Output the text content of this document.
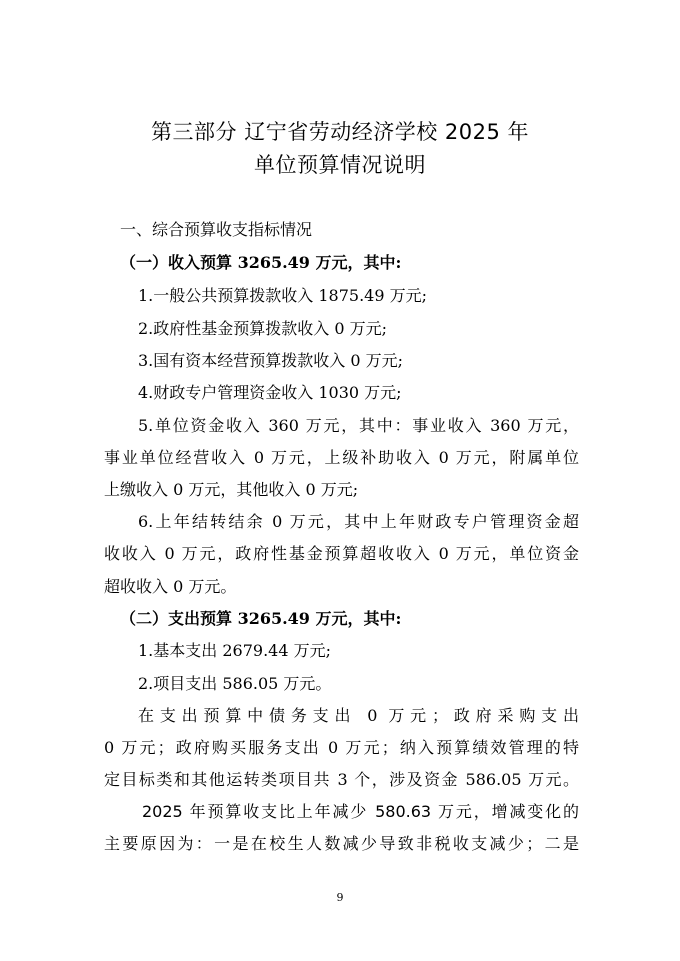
第三部分 辽宁省劳动经济学校 2025 年
单位预算情况说明
一、综合预算收支指标情况
（一）收入预算 3265.49 万元，其中:
1.一般公共预算拨款收入 1875.49 万元;
2.政府性基金预算拨款收入 0 万元;
3.国有资本经营预算拨款收入 0 万元;
4.财政专户管理资金收入 1030 万元;
5.单位资金收入 360 万元，其中：事业收入 360 万元，
事业单位经营收入 0 万元，上级补助收入 0 万元，附属单位
上缴收入 0 万元，其他收入 0 万元;
6.上年结转结余 0 万元，其中上年财政专户管理资金超
收收入 0 万元，政府性基金预算超收收入 0 万元，单位资金
超收收入 0 万元。
（二）支出预算 3265.49 万元，其中:
1.基本支出 2679.44 万元;
2.项目支出 586.05 万元。
在支出预算中债务支出 0 万元；政府采购支出
0 万元；政府购买服务支出 0 万元；纳入预算绩效管理的特
定目标类和其他运转类项目共 3 个，涉及资金 586.05 万元。
2025 年预算收支比上年减少 580.63 万元，增减变化的
主要原因为：一是在校生人数减少导致非税收支减少；二是
9
